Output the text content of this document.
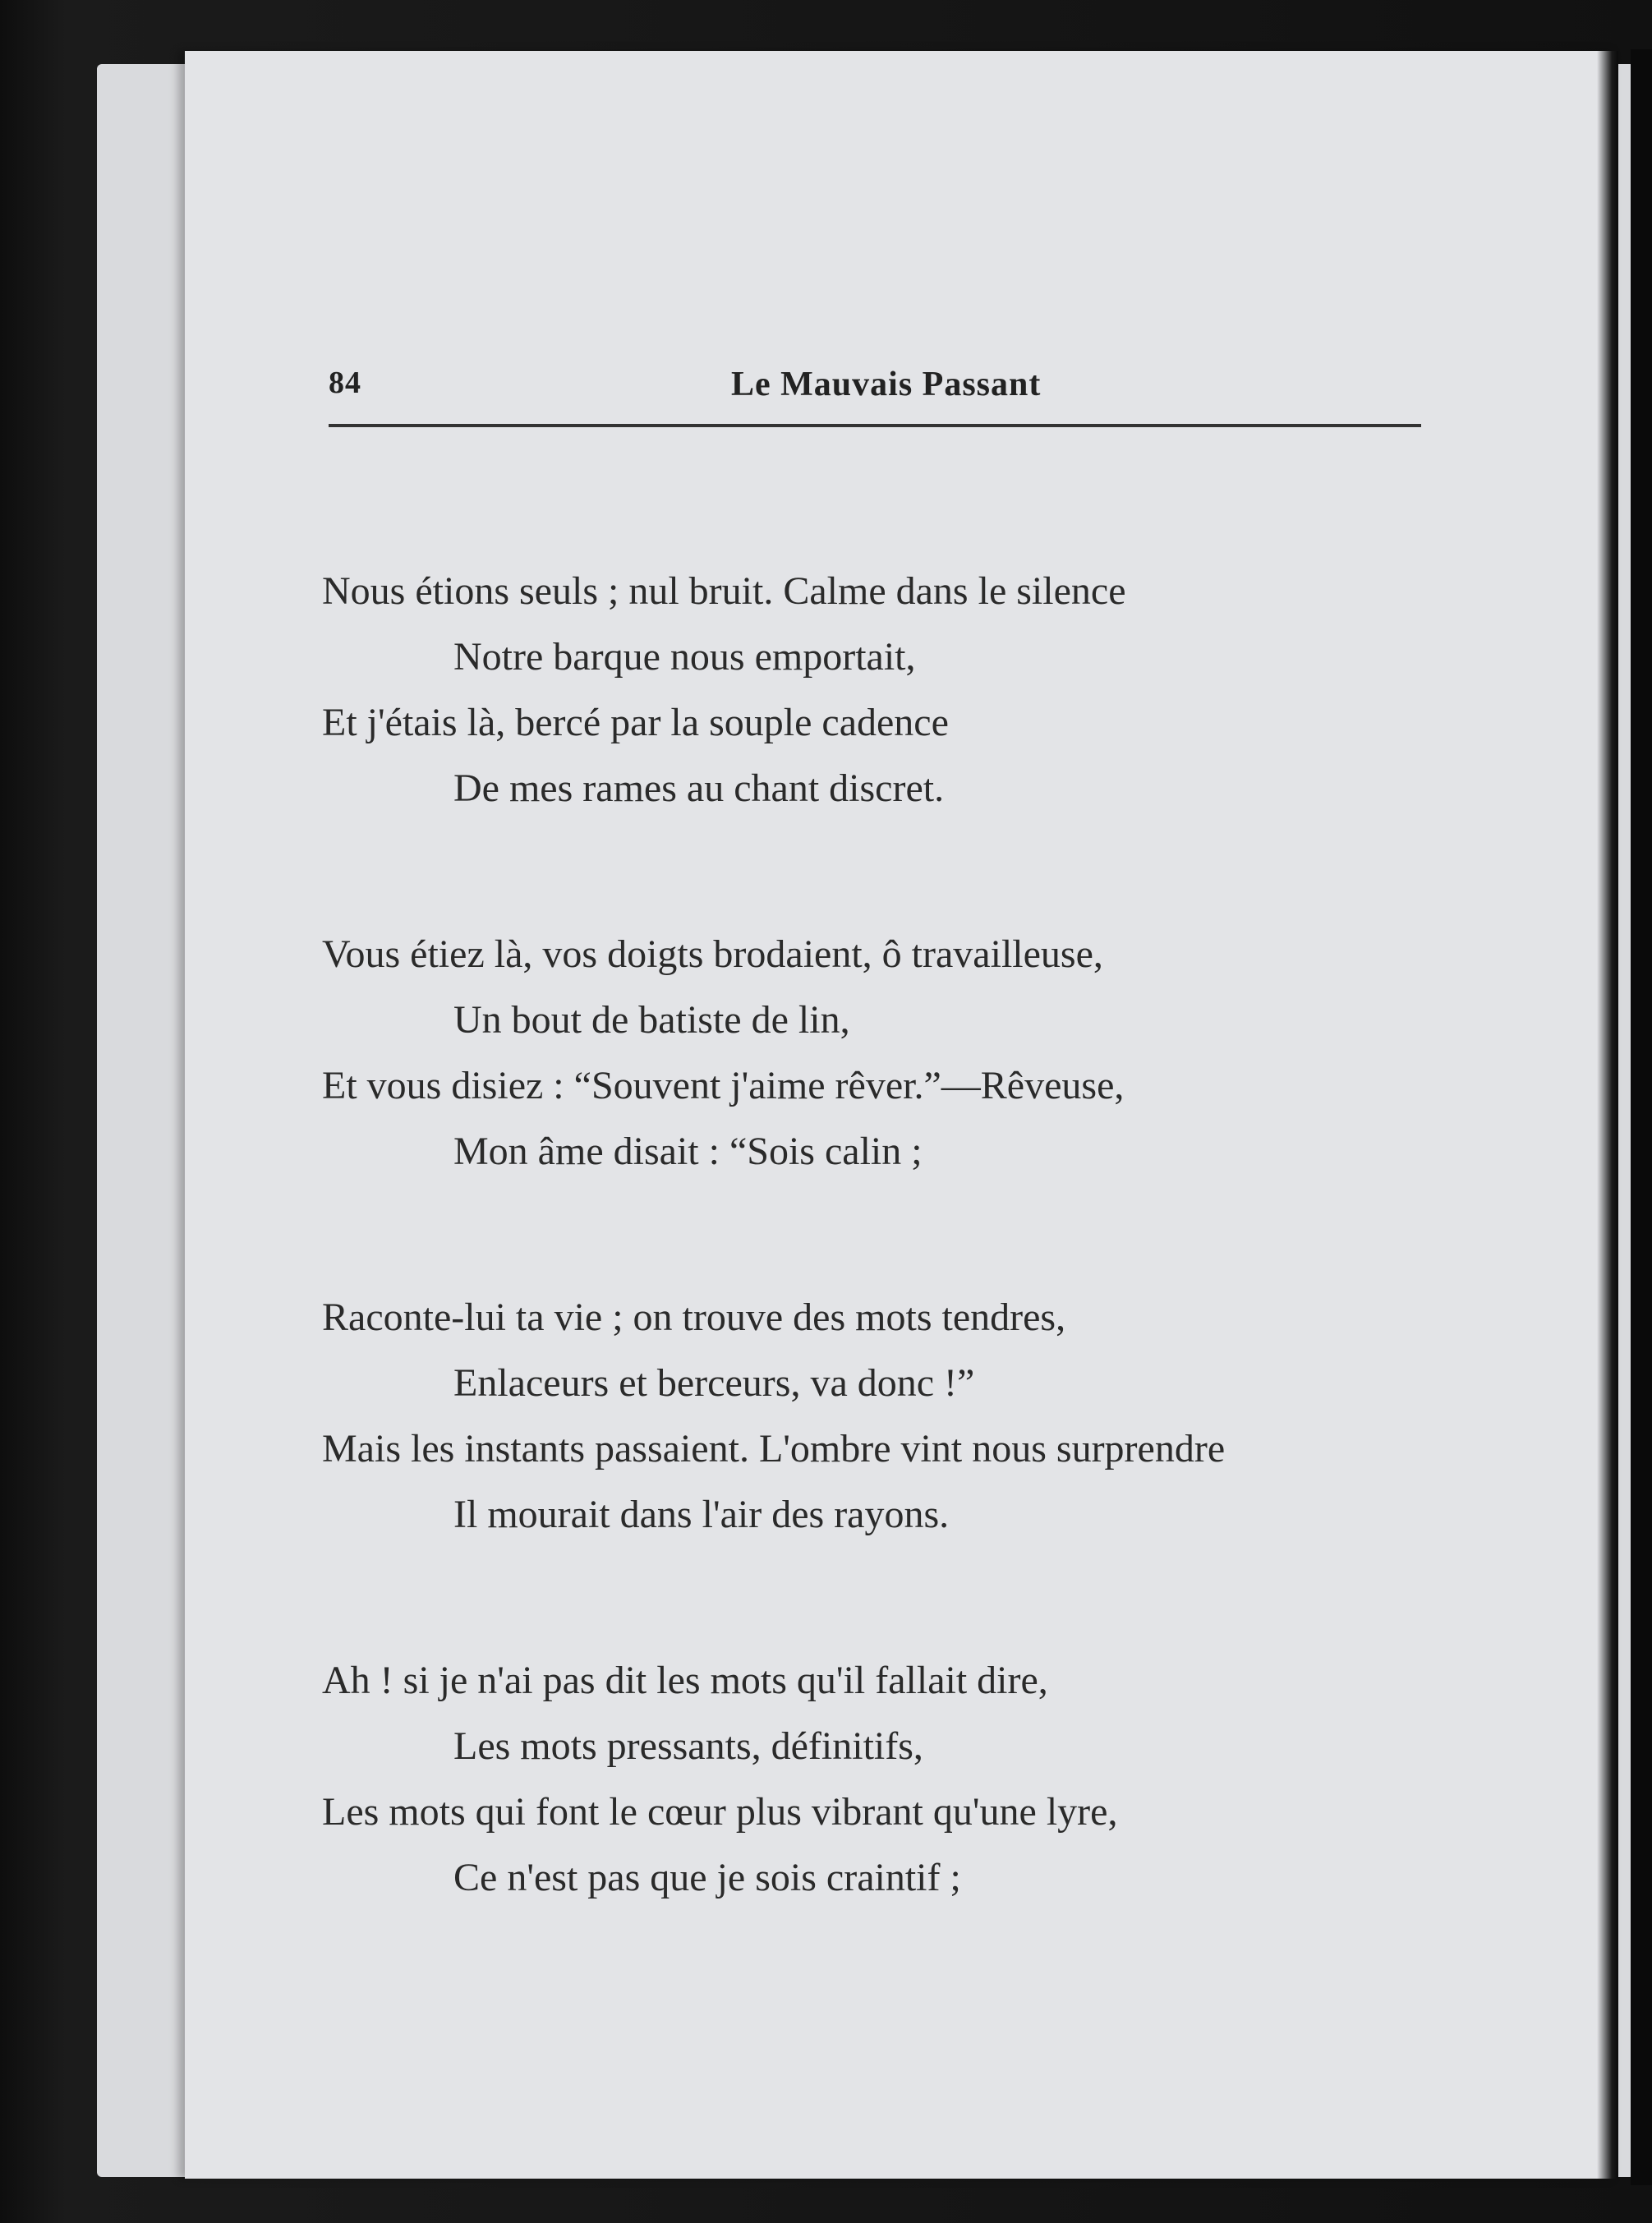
84	Le Mauvais Passant
Nous étions seuls ; nul bruit. Calme dans le silence
Notre barque nous emportait,
Et j'étais là, bercé par la souple cadence
De mes rames au chant discret.
Vous étiez là, vos doigts brodaient, ô travailleuse,
Un bout de batiste de lin,
Et vous disiez : “Souvent j'aime rêver.”—Rêveuse,
Mon âme disait : “Sois calin ;
Raconte-lui ta vie ; on trouve des mots tendres,
Enlaceurs et berceurs, va donc !”
Mais les instants passaient. L'ombre vint nous surprendre
Il mourait dans l'air des rayons.
Ah ! si je n'ai pas dit les mots qu'il fallait dire,
Les mots pressants, définitifs,
Les mots qui font le cœur plus vibrant qu'une lyre,
Ce n'est pas que je sois craintif ;
